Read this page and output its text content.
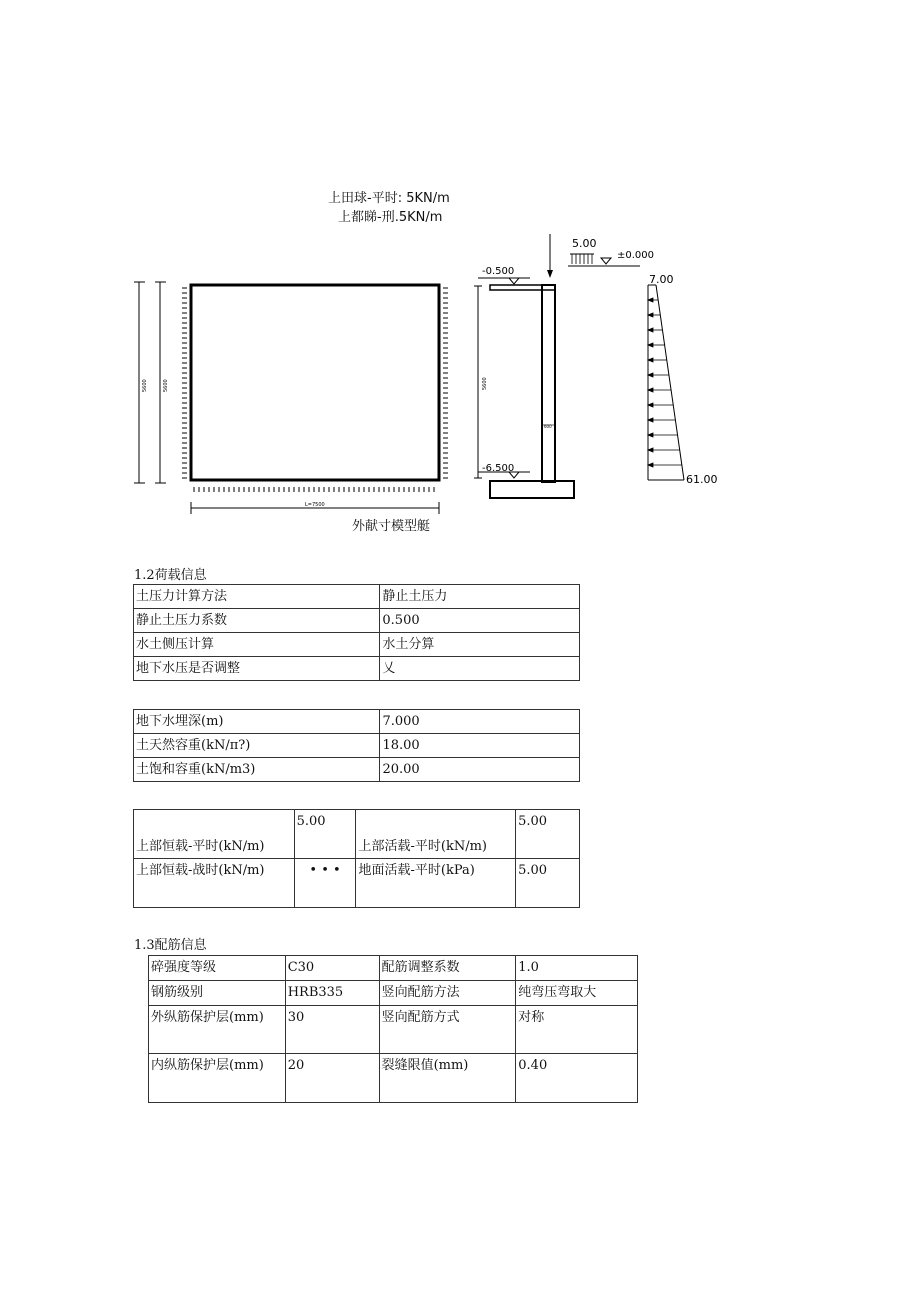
上田球-平时: 5KN/m
上都睇-刑.5KN/m
5600	5600
L=7500
5600
-0.500
-6.500
600
5.00
±0.000
7.00
61.00
外献寸模型艇
1.2荷载信息
土压力计算方法	静止土压力
静止土压力系数	0.500
水土侧压计算	水土分算
地下水压是否调整	乂
地下水埋深(m)	7.000
土天然容重(kN/π?)	18.00
土饱和容重(kN/m3)	20.00
上部恒载-平时(kN/m)	5.00	上部活载-平时(kN/m)	5.00
上部恒载-战时(kN/m)	• • •	地面活载-平时(kPa)	5.00
1.3配筋信息
碎强度等级	C30	配筋调整系数	1.0
钢筋级别	HRB335	竖向配筋方法	纯弯压弯取大
外纵筋保护层(mm)	30	竖向配筋方式	对称
内纵筋保护层(mm)	20	裂缝限值(mm)	0.40
